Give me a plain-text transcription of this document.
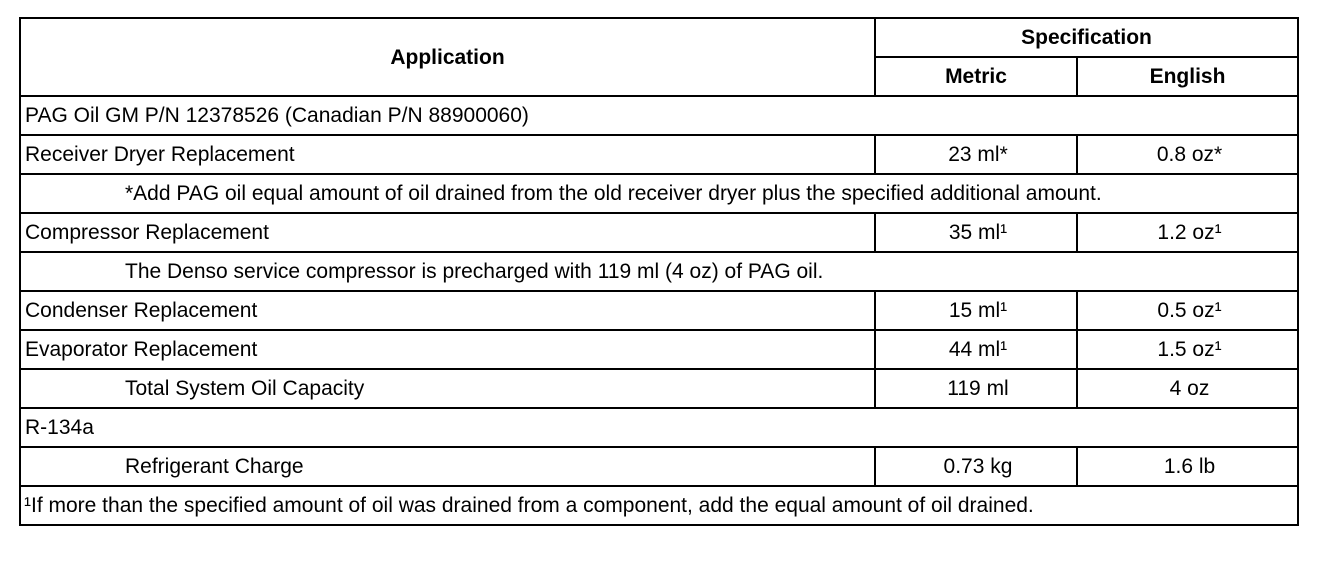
Application	Specification	
	Metric	English
PAG Oil GM P/N 12378526 (Canadian P/N 88900060)		
Receiver Dryer Replacement	23 ml*	0.8 oz*
*Add PAG oil equal amount of oil drained from the old receiver dryer plus the specified additional amount.		
Compressor Replacement	35 ml¹	1.2 oz¹
The Denso service compressor is precharged with 119 ml (4 oz) of PAG oil.		
Condenser Replacement	15 ml¹	0.5 oz¹
Evaporator Replacement	44 ml¹	1.5 oz¹
Total System Oil Capacity	119 ml	4 oz
R-134a		
Refrigerant Charge	0.73 kg	1.6 lb
¹If more than the specified amount of oil was drained from a component, add the equal amount of oil drained.		
